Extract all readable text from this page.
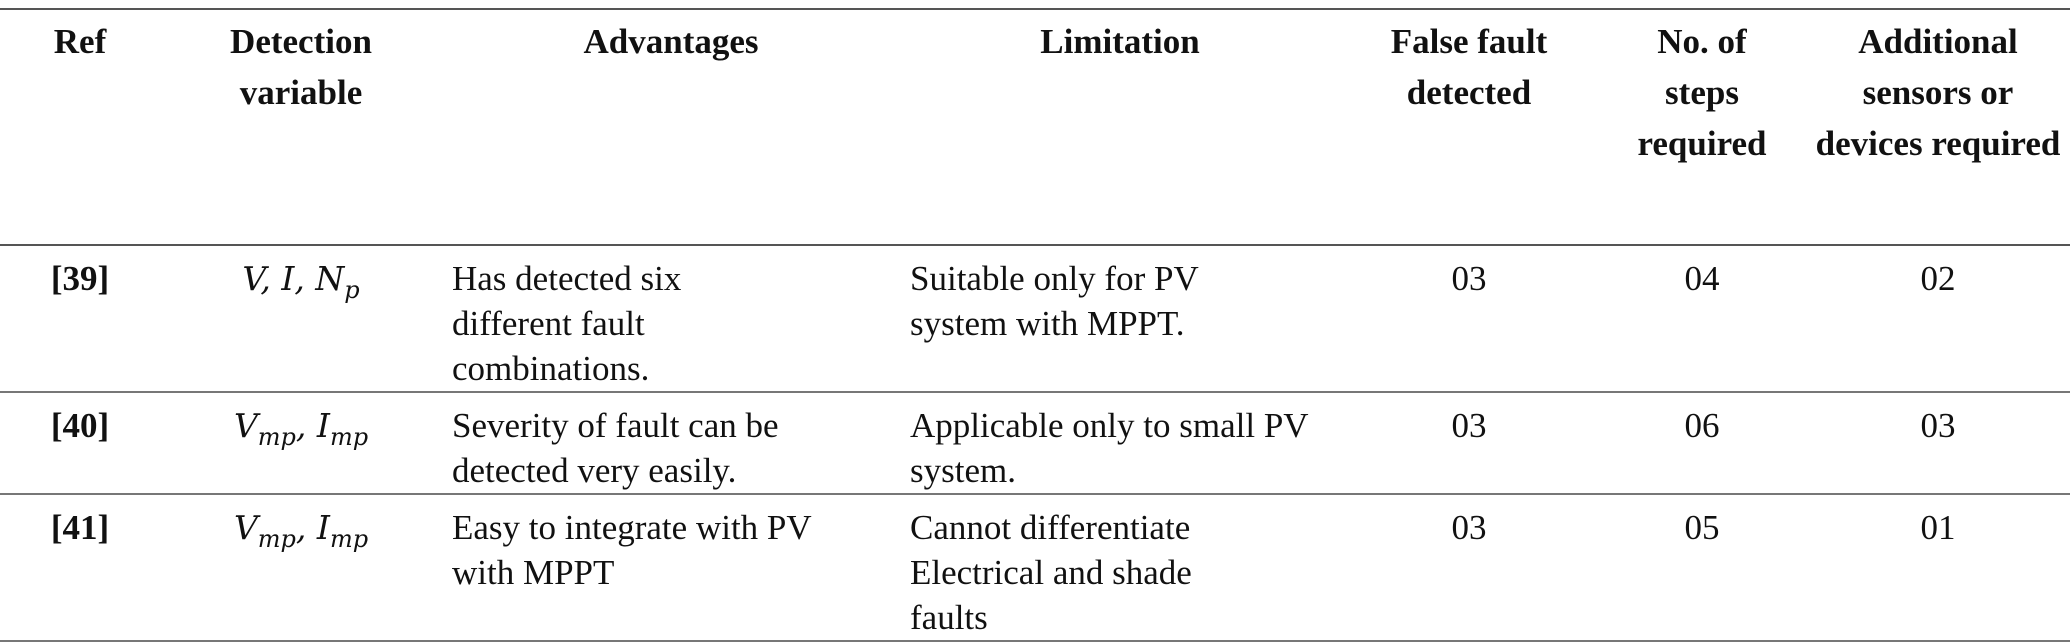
Ref	Detection variable	Advantages	Limitation	False fault detected	No. of steps required	Additional sensors or devices required
[39]	V, I, $N_p$	Has detected six different fault combinations.	Suitable only for PV system with MPPT.	03	04	02
[40]	$V_{mp}$, $I_{mp}$	Severity of fault can be detected very easily.	Applicable only to small PV system.	03	06	03
[41]	$V_{mp}$, $I_{mp}$	Easy to integrate with PV with MPPT	Cannot differentiate Electrical and shade faults	03	05	01
